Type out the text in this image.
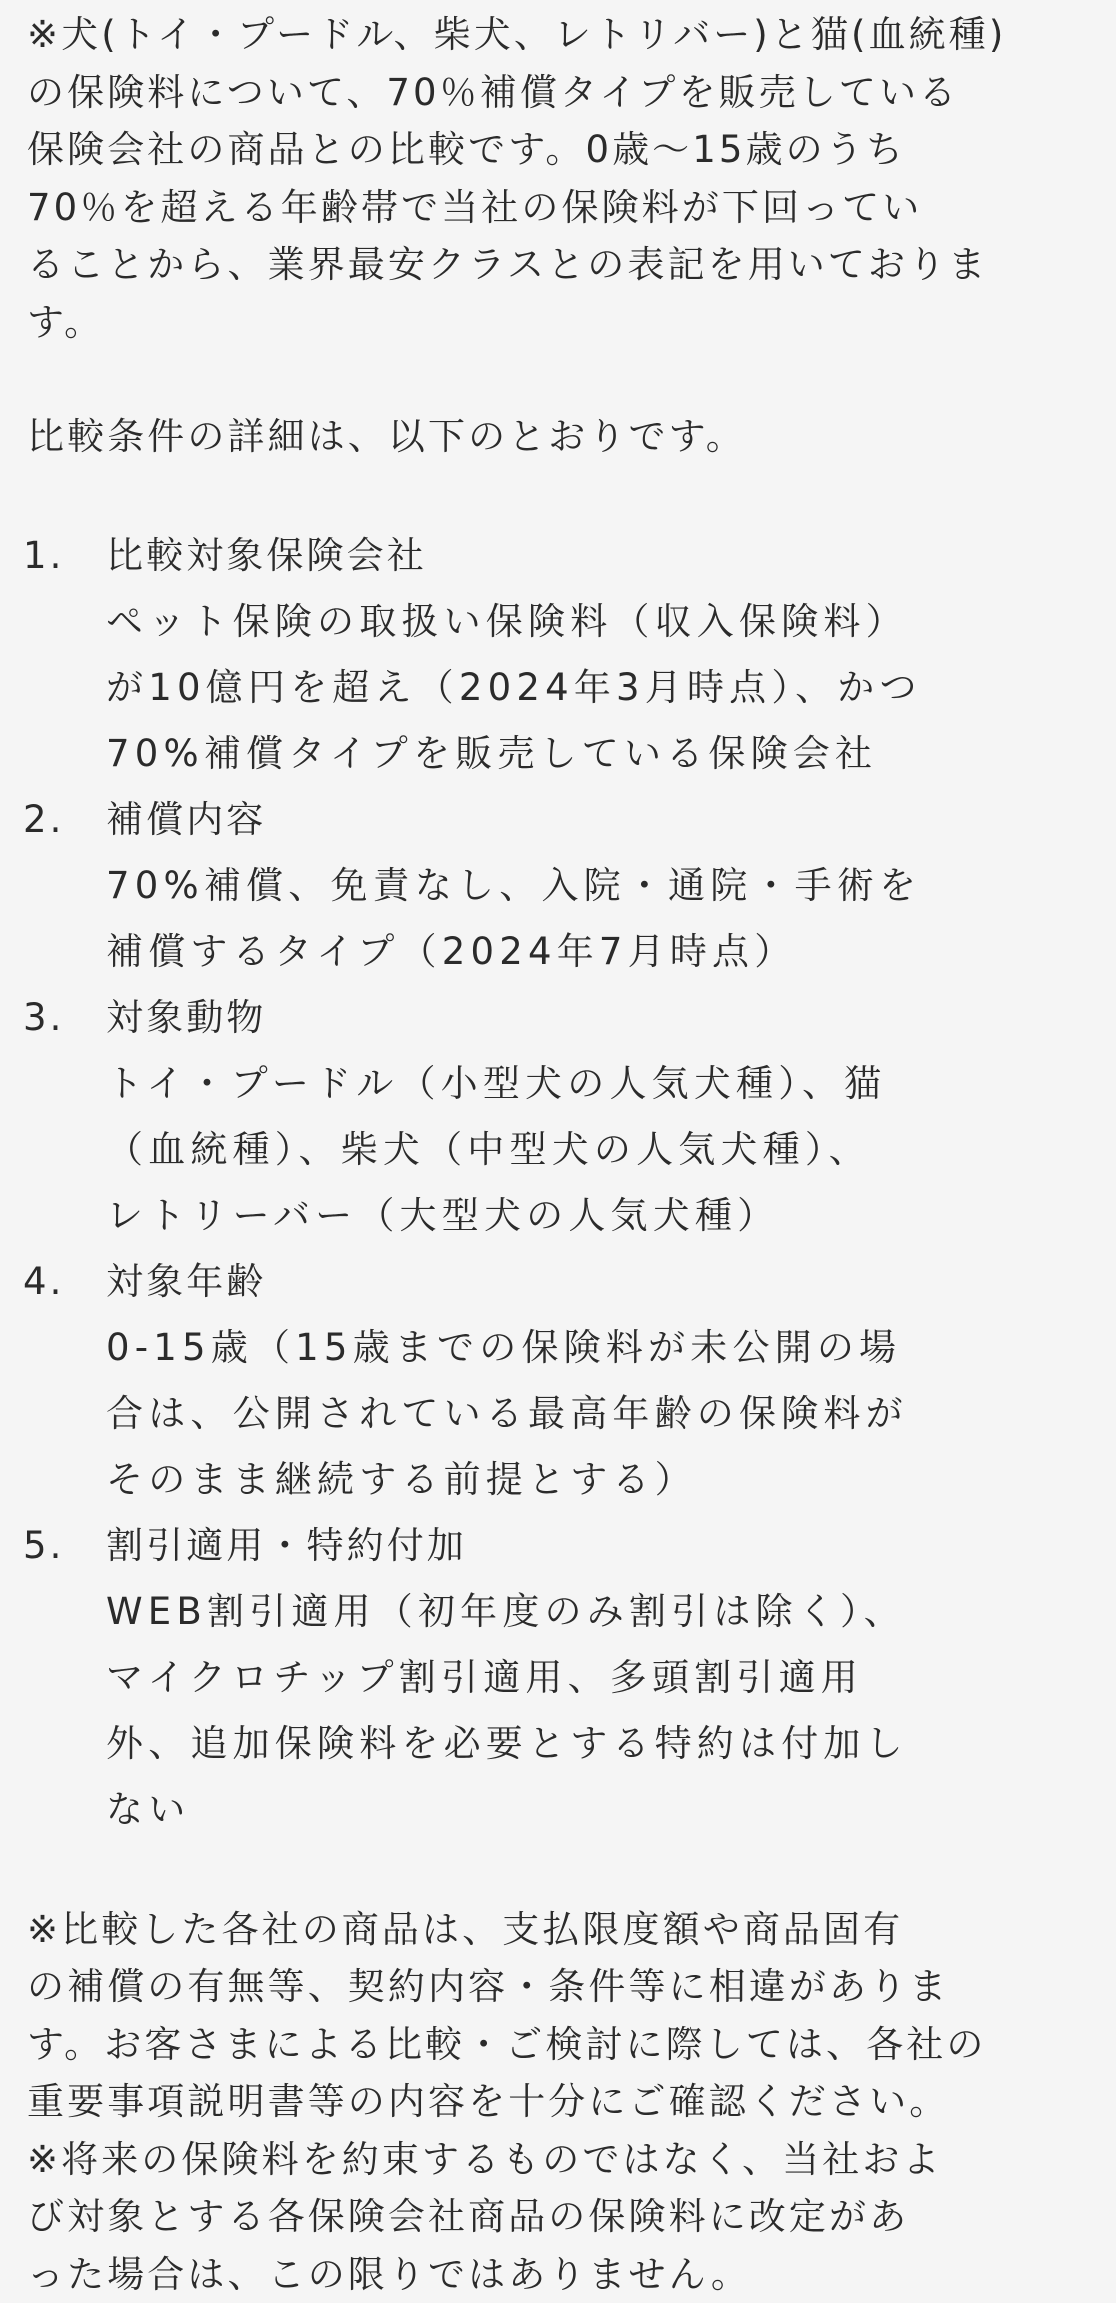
※犬(トイ・プードル、柴犬、レトリバー)と猫(血統種)
の保険料について、70％補償タイプを販売している
保険会社の商品との比較です。0歳〜15歳のうち
70％を超える年齢帯で当社の保険料が下回ってい
ることから、業界最安クラスとの表記を用いておりま
す。

比較条件の詳細は、以下のとおりです。

1. 比較対象保険会社
ペット保険の取扱い保険料（収入保険料）
が10億円を超え（2024年3月時点）、かつ
70%補償タイプを販売している保険会社
2. 補償内容
70%補償、免責なし、入院・通院・手術を
補償するタイプ（2024年7月時点）
3. 対象動物
トイ・プードル（小型犬の人気犬種）、猫
（血統種）、柴犬（中型犬の人気犬種）、
レトリーバー（大型犬の人気犬種）
4. 対象年齢
0-15歳（15歳までの保険料が未公開の場
合は、公開されている最高年齢の保険料が
そのまま継続する前提とする）
5. 割引適用・特約付加
WEB割引適用（初年度のみ割引は除く）、
マイクロチップ割引適用、多頭割引適用
外、追加保険料を必要とする特約は付加し
ない

※比較した各社の商品は、支払限度額や商品固有
の補償の有無等、契約内容・条件等に相違がありま
す。お客さまによる比較・ご検討に際しては、各社の
重要事項説明書等の内容を十分にご確認ください。

※将来の保険料を約束するものではなく、当社およ
び対象とする各保険会社商品の保険料に改定があ
った場合は、この限りではありません。
